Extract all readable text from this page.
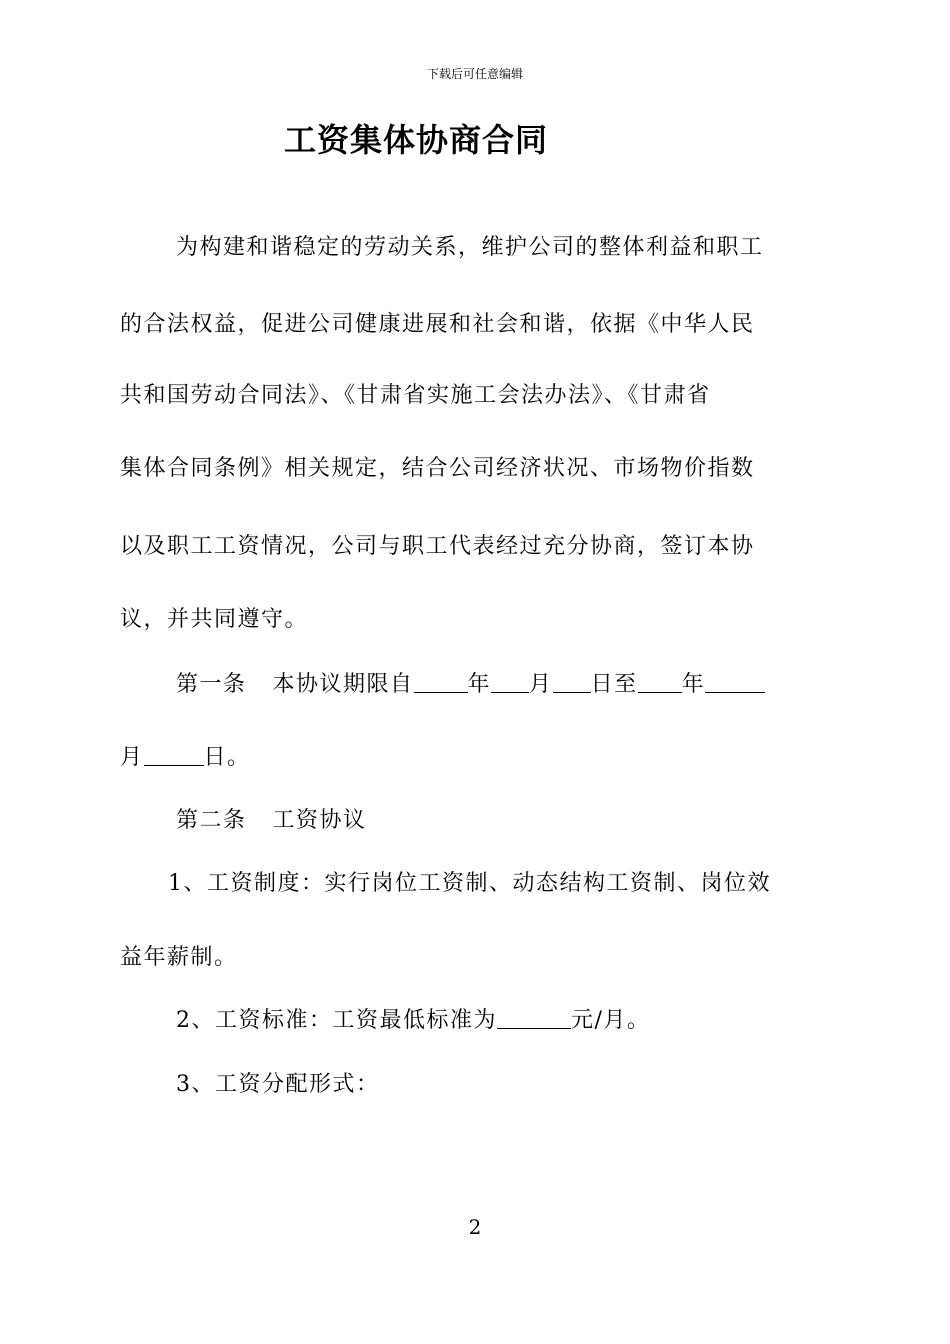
下载后可任意编辑
工资集体协商合同
为构建和谐稳定的劳动关系，维护公司的整体利益和职工
的合法权益，促进公司健康进展和社会和谐，依据《中华人民
共和国劳动合同法》、《甘肃省实施工会法办法》、《甘肃省
集体合同条例》相关规定，结合公司经济状况、市场物价指数
以及职工工资情况，公司与职工代表经过充分协商，签订本协
议，并共同遵守。
第一条 本协议期限自 年 月 日至 年
月	日。
第二条 工资协议
1、工资制度：实行岗位工资制、动态结构工资制、岗位效
益年薪制。
2、工资标准：工资最低标准为	元/月。
3、工资分配形式：
2
